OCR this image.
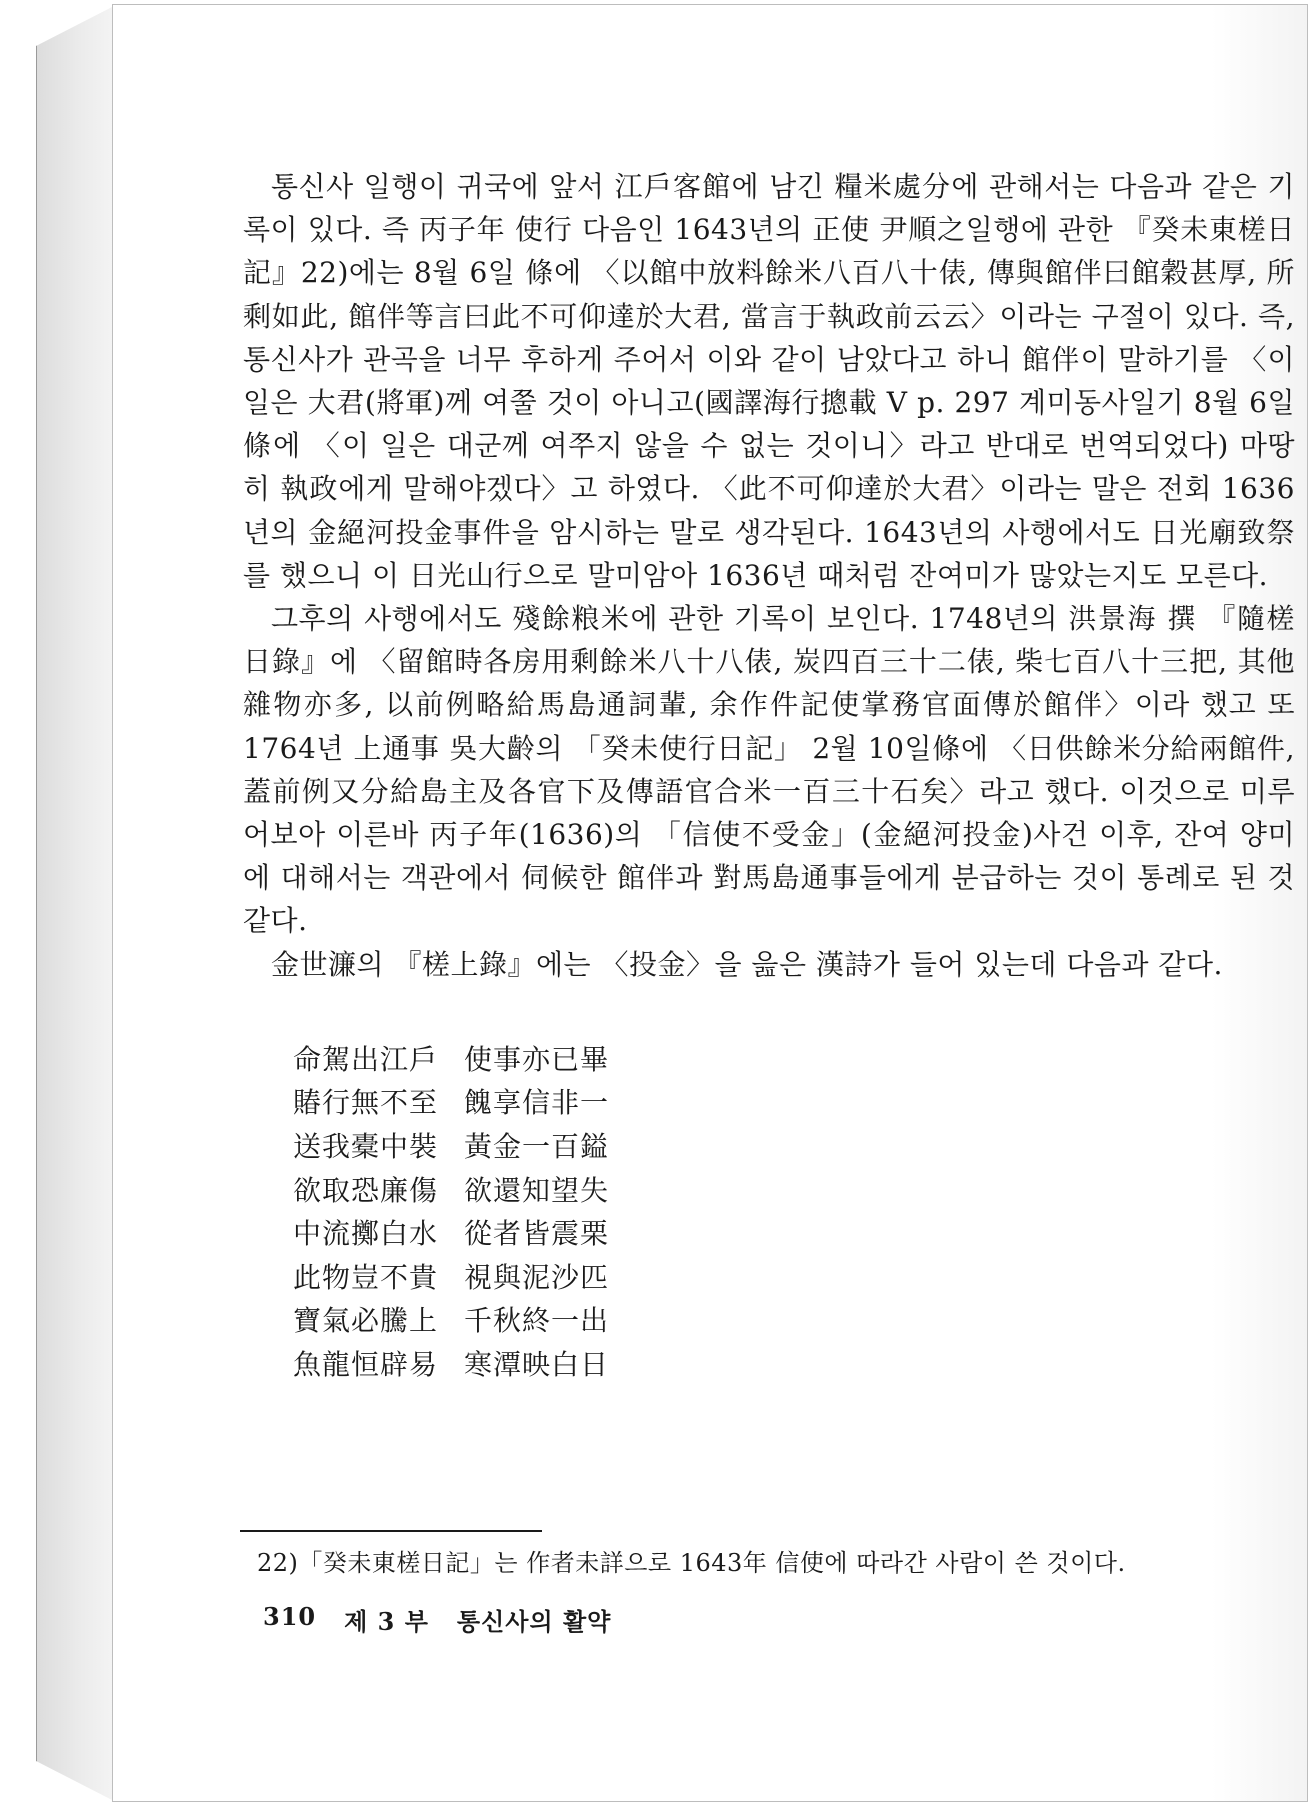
통신사 일행이 귀국에 앞서 江戶客館에 남긴 糧米處分에 관해서는 다음과 같은 기록이 있다. 즉 丙子年 使行 다음인 1643년의 正使 尹順之일행에 관한 『癸未東槎日記』22)에는 8월 6일 條에 〈以館中放料餘米八百八十俵, 傳與館伴曰館穀甚厚, 所剩如此, 館伴等言曰此不可仰達於大君, 當言于執政前云云〉이라는 구절이 있다. 즉, 통신사가 관곡을 너무 후하게 주어서 이와 같이 남았다고 하니 館伴이 말하기를 〈이 일은 大君(將軍)께 여쭐 것이 아니고(國譯海行摠載 Ⅴ p. 297 계미동사일기 8월 6일 條에 〈이 일은 대군께 여쭈지 않을 수 없는 것이니〉라고 반대로 번역되었다) 마땅히 執政에게 말해야겠다〉고 하였다. 〈此不可仰達於大君〉이라는 말은 전회 1636년의 金絕河投金事件을 암시하는 말로 생각된다. 1643년의 사행에서도 日光廟致祭를 했으니 이 日光山行으로 말미암아 1636년 때처럼 잔여미가 많았는지도 모른다.

그후의 사행에서도 殘餘粮米에 관한 기록이 보인다. 1748년의 洪景海 撰 『隨槎日錄』에 〈留館時各房用剩餘米八十八俵, 炭四百三十二俵, 柴七百八十三把, 其他雜物亦多, 以前例略給馬島通詞輩, 余作件記使掌務官面傳於館伴〉이라 했고 또 1764년 上通事 吳大齡의 「癸未使行日記」 2월 10일條에 〈日供餘米分給兩館件, 蓋前例又分給島主及各官下及傳語官合米一百三十石矣〉라고 했다. 이것으로 미루어보아 이른바 丙子年(1636)의 「信使不受金」(金絕河投金)사건 이후, 잔여 양미에 대해서는 객관에서 伺候한 館伴과 對馬島通事들에게 분급하는 것이 통례로 된 것 같다.

金世濂의 『槎上錄』에는 〈投金〉을 읊은 漢詩가 들어 있는데 다음과 같다.

命駕出江戶 使事亦已畢
賰行無不至 餽享信非一
送我橐中裝 黃金一百鎰
欲取恐廉傷 欲還知望失
中流擲白水 從者皆震栗
此物豈不貴 視與泥沙匹
寶氣必騰上 千秋終一出
魚龍恒辟易 寒潭映白日
22)「癸未東槎日記」는 作者未詳으로 1643年 信使에 따라간 사람이 쓴 것이다.
310 제 3 부 통신사의 활약
